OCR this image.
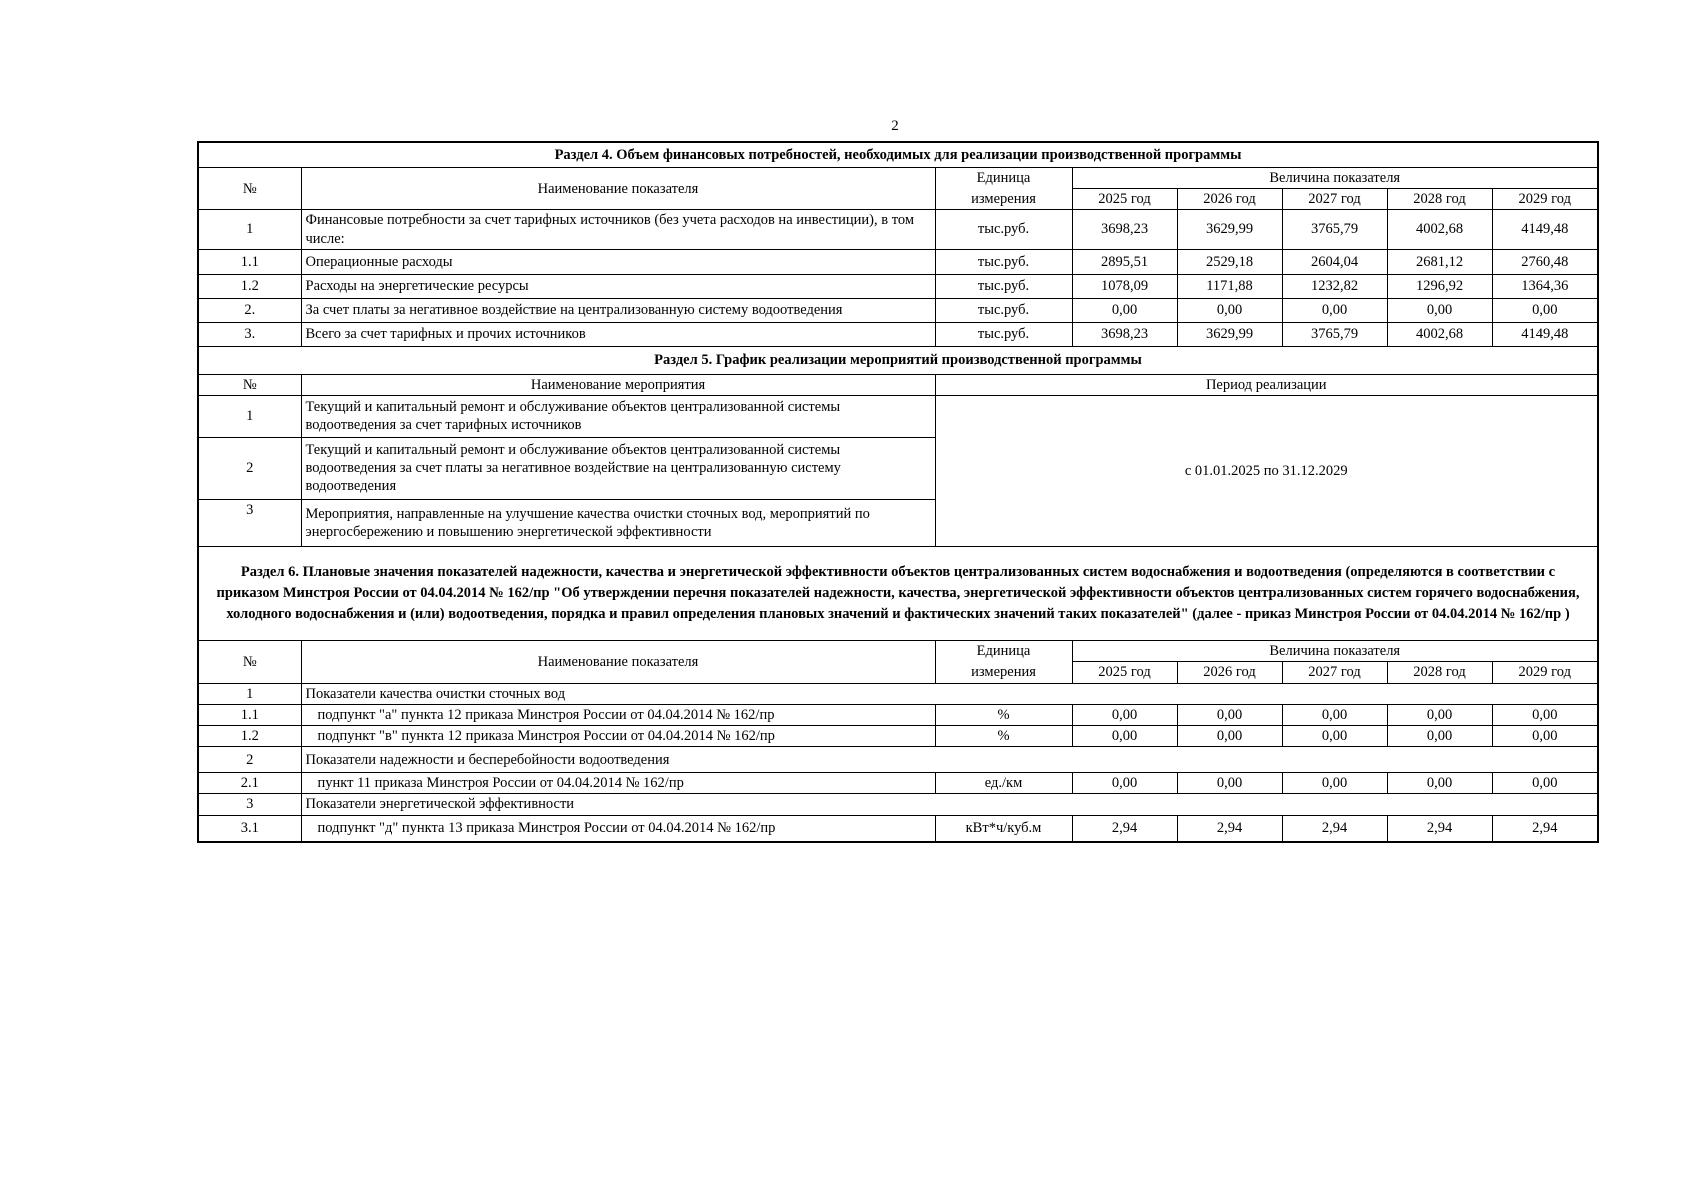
2
Раздел 4. Объем финансовых потребностей, необходимых для реализации производственной программы							
№	Наименование показателя	Единица	Величина показателя				
		измерения	2025 год	2026 год	2027 год	2028 год	2029 год
1	Финансовые потребности за счет тарифных источников (без учета расходов на инвестиции), в том числе:	тыс.руб.	3698,23	3629,99	3765,79	4002,68	4149,48
1.1	Операционные расходы	тыс.руб.	2895,51	2529,18	2604,04	2681,12	2760,48
1.2	Расходы на энергетические ресурсы	тыс.руб.	1078,09	1171,88	1232,82	1296,92	1364,36
2.	За счет платы за негативное воздействие на централизованную систему водоотведения	тыс.руб.	0,00	0,00	0,00	0,00	0,00
3.	Всего за счет тарифных и прочих источников	тыс.руб.	3698,23	3629,99	3765,79	4002,68	4149,48
Раздел 5. График реализации мероприятий производственной программы							
№	Наименование мероприятия	Период реализации					
1	Текущий и капитальный ремонт и обслуживание объектов централизованной системы водоотведения за счет тарифных источников	с 01.01.2025 по 31.12.2029					
2	Текущий и капитальный ремонт и обслуживание объектов централизованной системы водоотведения за счет платы за негативное воздействие на централизованную систему водоотведения						
3	Мероприятия, направленные на улучшение качества очистки сточных вод, мероприятий по энергосбережению и повышению энергетической эффективности						
Раздел 6. Плановые значения показателей надежности, качества и энергетической эффективности объектов централизованных систем водоснабжения и водоотведения (определяются в соответствии с приказом Минстроя России от 04.04.2014 № 162/пр "Об утверждении перечня показателей надежности, качества, энергетической эффективности объектов централизованных систем горячего водоснабжения, холодного водоснабжения и (или) водоотведения, порядка и правил определения плановых значений и фактических значений таких показателей" (далее - приказ Минстроя России от 04.04.2014 № 162/пр )							
№	Наименование показателя	Единица	Величина показателя				
		измерения	2025 год	2026 год	2027 год	2028 год	2029 год
1	Показатели качества очистки сточных вод						
1.1	подпункт "а" пункта 12 приказа Минстроя России от 04.04.2014 № 162/пр	%	0,00	0,00	0,00	0,00	0,00
1.2	подпункт "в" пункта 12 приказа Минстроя России от 04.04.2014 № 162/пр	%	0,00	0,00	0,00	0,00	0,00
2	Показатели надежности и бесперебойности водоотведения						
2.1	пункт 11 приказа Минстроя России от 04.04.2014 № 162/пр	ед./км	0,00	0,00	0,00	0,00	0,00
3	Показатели энергетической эффективности						
3.1	подпункт "д" пункта 13 приказа Минстроя России от 04.04.2014 № 162/пр	кВт*ч/куб.м	2,94	2,94	2,94	2,94	2,94
